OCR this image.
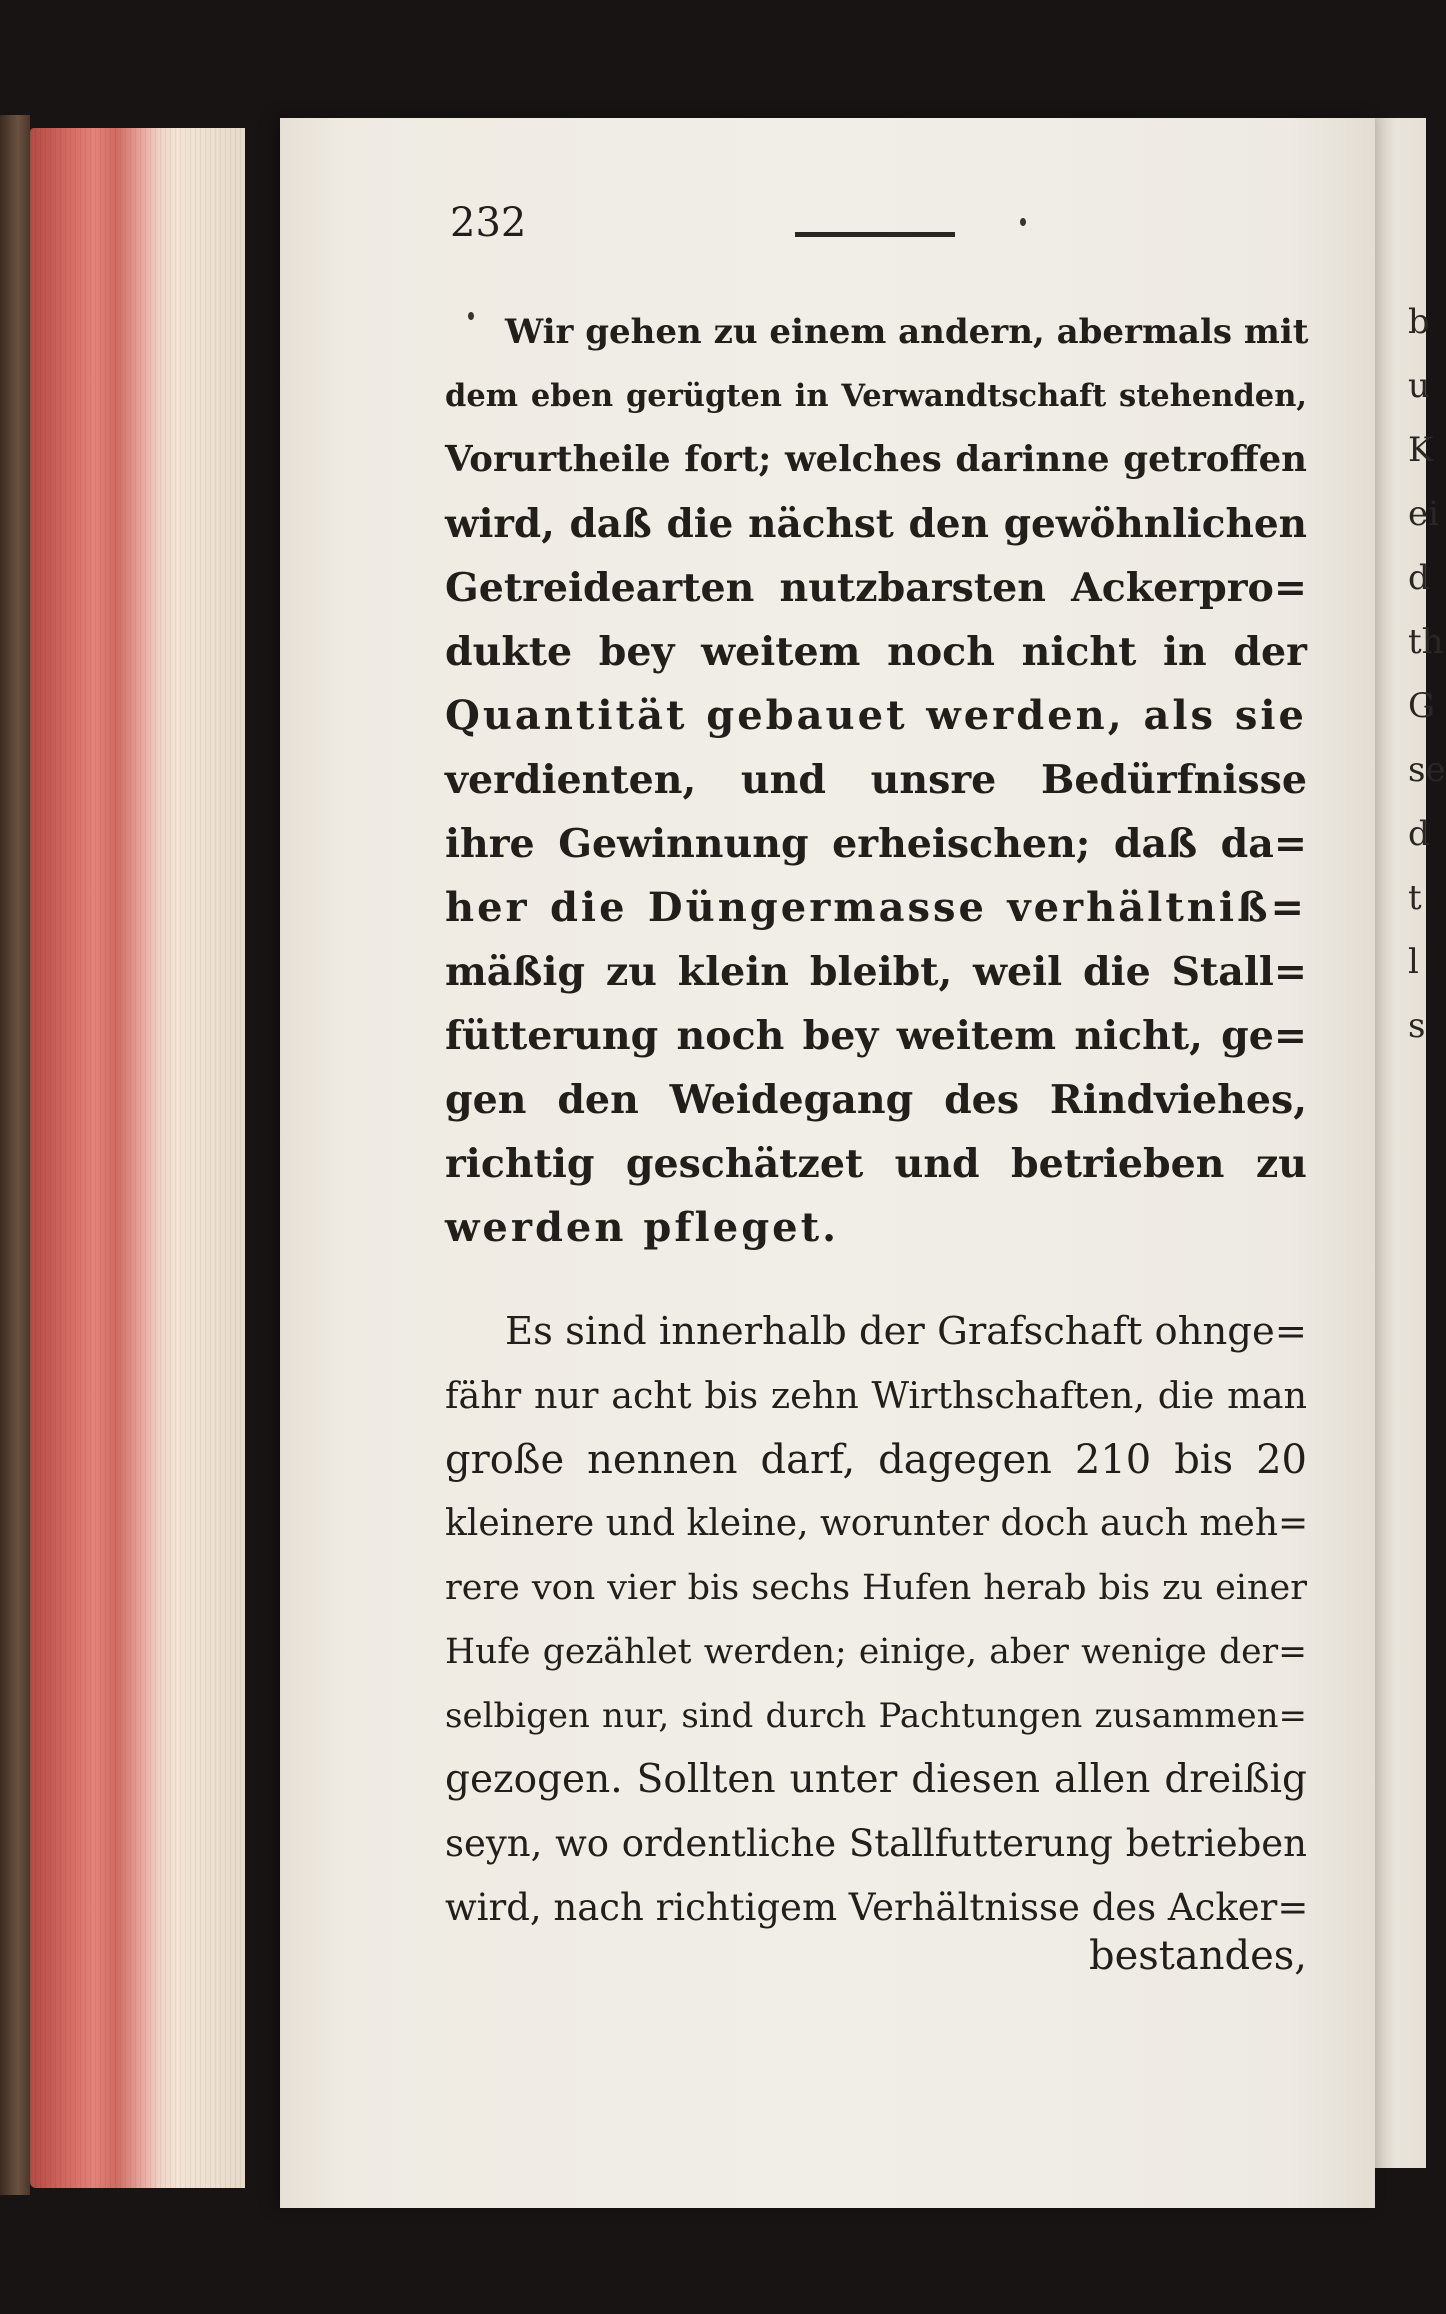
b
u
K
ei
d
th
G
se
d
t
l
s
232
Wir gehen zu einem andern, abermals mit
dem eben gerügten in Verwandtschaft stehenden,
Vorurtheile fort; welches darinne getroffen
wird, daß die nächst den gewöhnlichen
Getreidearten nutzbarsten Ackerpro=
dukte bey weitem noch nicht in der
Quantität gebauet werden, als sie
verdienten, und unsre Bedürfnisse
ihre Gewinnung erheischen; daß da=
her die Düngermasse verhältniß=
mäßig zu klein bleibt, weil die Stall=
fütterung noch bey weitem nicht, ge=
gen den Weidegang des Rindviehes,
richtig geschätzet und betrieben zu
werden pfleget.
Es sind innerhalb der Grafschaft ohnge=
fähr nur acht bis zehn Wirthschaften, die man
große nennen darf, dagegen 210 bis 20
kleinere und kleine, worunter doch auch meh=
rere von vier bis sechs Hufen herab bis zu einer
Hufe gezählet werden; einige, aber wenige der=
selbigen nur, sind durch Pachtungen zusammen=
gezogen. Sollten unter diesen allen dreißig
seyn, wo ordentliche Stallfutterung betrieben
wird, nach richtigem Verhältnisse des Acker=
bestandes,
